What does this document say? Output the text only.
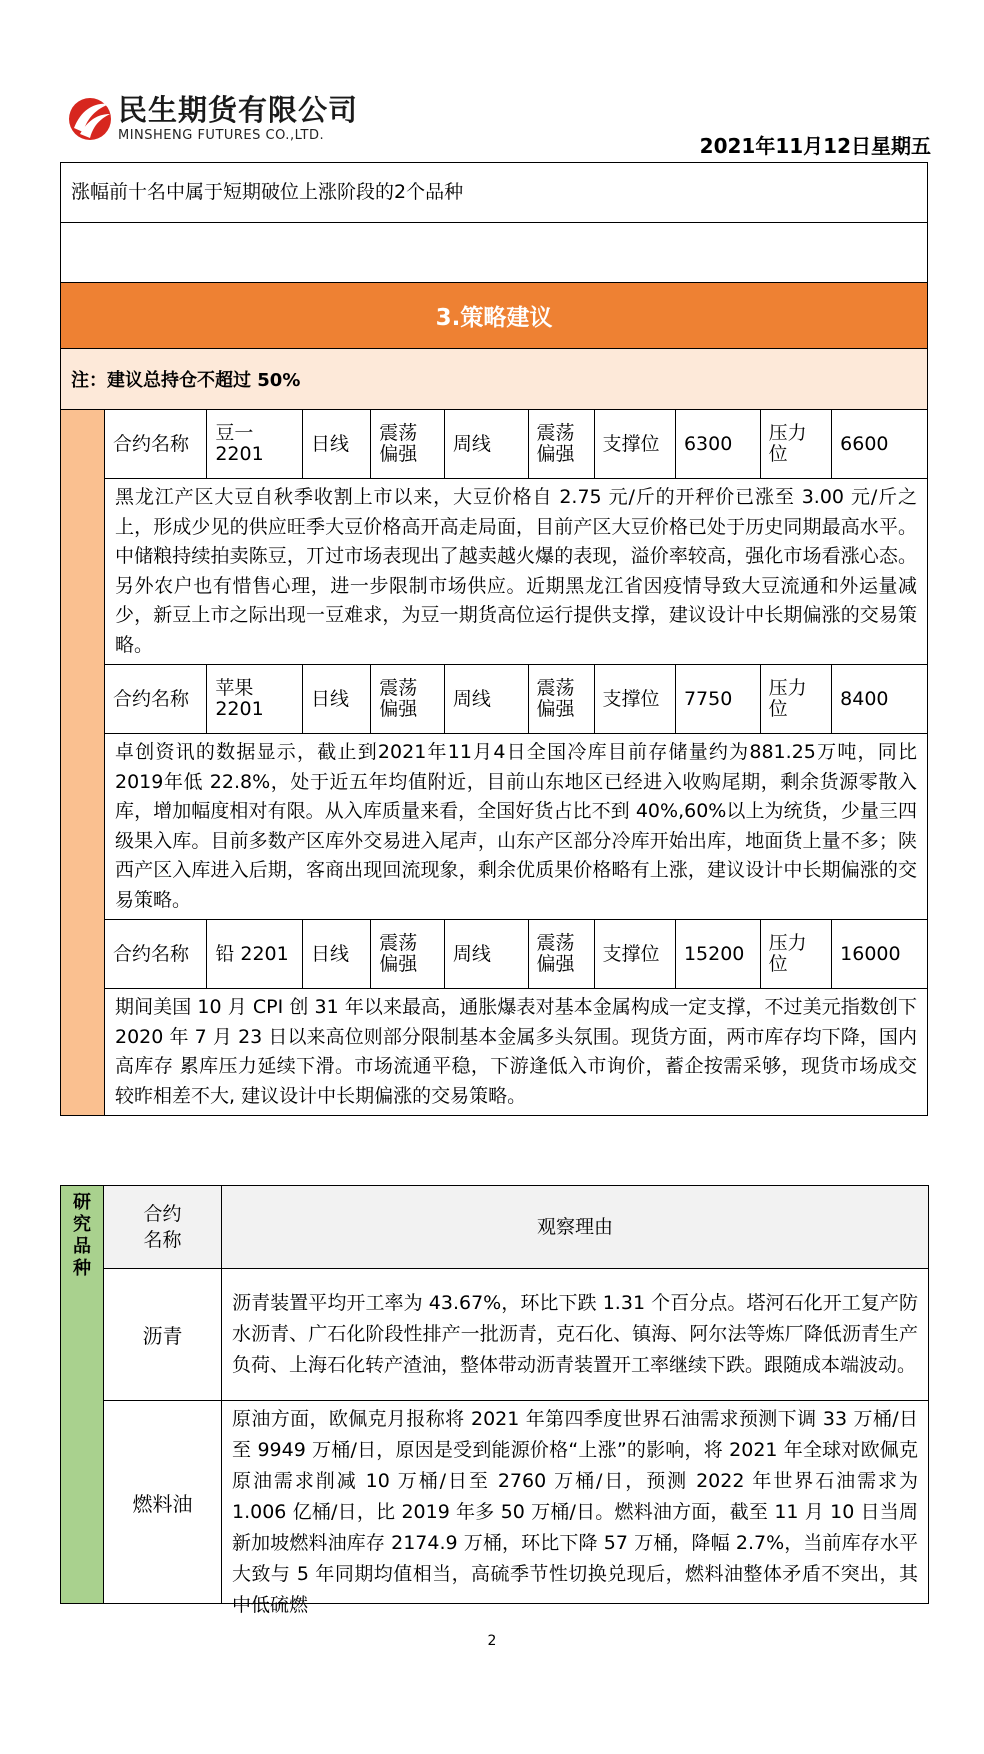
民生期货有限公司
MINSHENG FUTURES CO.,LTD.	2021年11月12日星期五
涨幅前十名中属于短期破位上涨阶段的2个品种										

3.策略建议										
注：建议总持仓不超过 50%										
	合约名称	豆一 2201	日线	震荡偏强	周线	震荡偏强	支撑位	6300	压力位	6600
	黑龙江产区大豆自秋季收割上市以来，大豆价格自 2.75 元/斤的开秤价已涨至 3.00 元/斤之上，形成少见的供应旺季大豆价格高开高走局面，目前产区大豆价格已处于历史同期最高水平。中储粮持续拍卖陈豆，丌过市场表现出了越卖越火爆的表现，溢价率较高，强化市场看涨心态。另外农户也有惜售心理，进一步限制市场供应。近期黑龙江省因疫情导致大豆流通和外运量减少，新豆上市之际出现一豆难求，为豆一期货高位运行提供支撑，建议设计中长期偏涨的交易策略。									
	合约名称	苹果 2201	日线	震荡偏强	周线	震荡偏强	支撑位	7750	压力位	8400
	卓创资讯的数据显示，截止到2021年11月4日全国冷库目前存储量约为881.25万吨，同比2019年低 22.8%，处于近五年均值附近，目前山东地区已经进入收购尾期，剩余货源零散入库，增加幅度相对有限。从入库质量来看，全国好货占比不到 40%,60%以上为统货，少量三四级果入库。目前多数产区库外交易进入尾声，山东产区部分冷库开始出库，地面货上量不多；陕西产区入库进入后期，客商出现回流现象，剩余优质果价格略有上涨，建议设计中长期偏涨的交易策略。									
	合约名称	铅 2201	日线	震荡偏强	周线	震荡偏强	支撑位	15200	压力位	16000
	期间美国 10 月 CPI 创 31 年以来最高，通胀爆表对基本金属构成一定支撑，不过美元指数创下 2020 年 7 月 23 日以来高位则部分限制基本金属多头氛围。现货方面，两市库存均下降，国内高库存 累库压力延续下滑。市场流通平稳，下游逢低入市询价，蓄企按需采够，现货市场成交较昨相差不大, 建议设计中长期偏涨的交易策略。									
研究品种	合约名称	观察理由
	沥青	沥青装置平均开工率为 43.67%，环比下跌 1.31 个百分点。塔河石化开工复产防水沥青、广石化阶段性排产一批沥青，克石化、镇海、阿尔法等炼厂降低沥青生产负荷、上海石化转产渣油，整体带动沥青装置开工率继续下跌。跟随成本端波动。
	燃料油	原油方面，欧佩克月报称将 2021 年第四季度世界石油需求预测下调 33 万桶/日至 9949 万桶/日，原因是受到能源价格“上涨”的影响，将 2021 年全球对欧佩克原油需求削减 10 万桶/日至 2760 万桶/日，预测 2022 年世界石油需求为 1.006 亿桶/日，比 2019 年多 50 万桶/日。燃料油方面，截至 11 月 10 日当周新加坡燃料油库存 2174.9 万桶，环比下降 57 万桶，降幅 2.7%，当前库存水平大致与 5 年同期均值相当，高硫季节性切换兑现后，燃料油整体矛盾不突出，其中低硫燃
2
